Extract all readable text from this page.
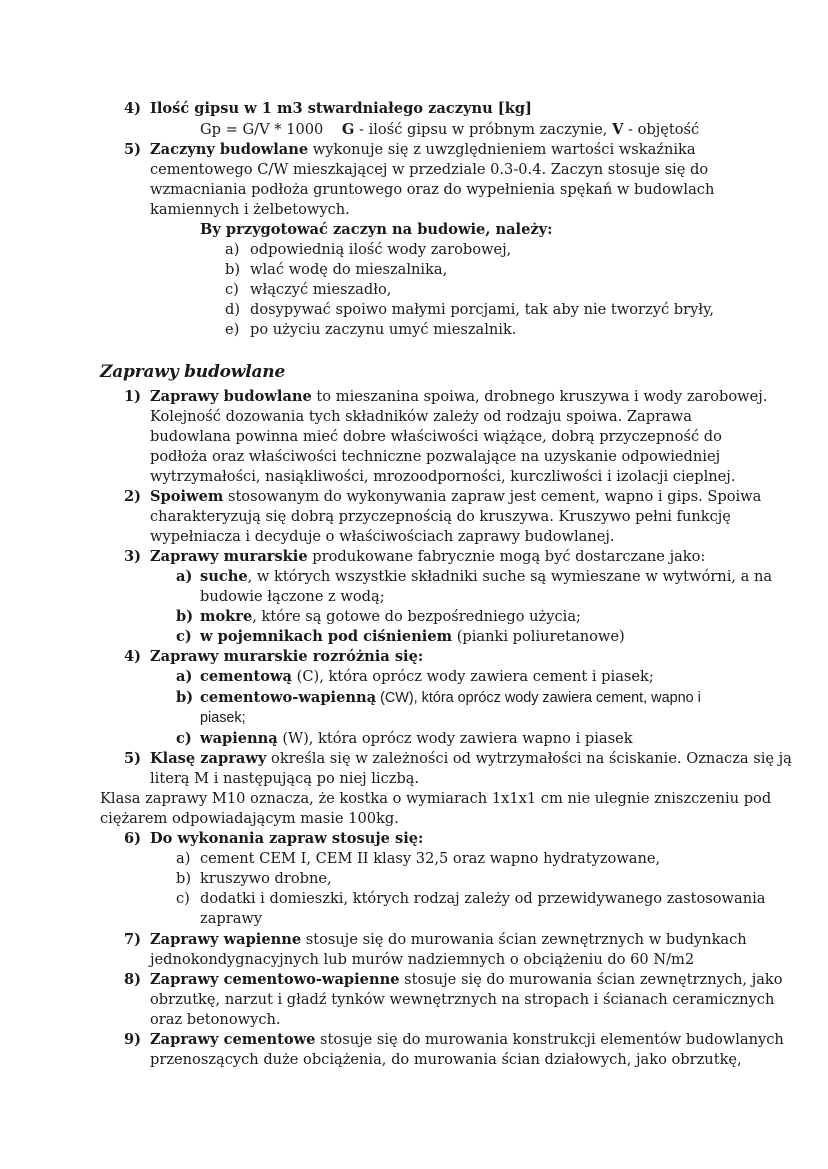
4) Ilość gipsu w 1 m3 stwardniałego zaczynu [kg]
Gp = G/V * 1000 G - ilość gipsu w próbnym zaczynie, V - objętość
5) Zaczyny budowlane wykonuje się z uwzględnieniem wartości wskaźnika
cementowego C/W mieszkającej w przedziale 0.3-0.4. Zaczyn stosuje się do
wzmacniania podłoża gruntowego oraz do wypełnienia spękań w budowlach
kamiennych i żelbetowych.
By przygotować zaczyn na budowie, należy:
a) odpowiednią ilość wody zarobowej,
b) wlać wodę do mieszalnika,
c) włączyć mieszadło,
d) dosypywać spoiwo małymi porcjami, tak aby nie tworzyć bryły,
e) po użyciu zaczynu umyć mieszalnik.
Zaprawy budowlane
1) Zaprawy budowlane to mieszanina spoiwa, drobnego kruszywa i wody zarobowej.
Kolejność dozowania tych składników zależy od rodzaju spoiwa. Zaprawa
budowlana powinna mieć dobre właściwości wiążące, dobrą przyczepność do
podłoża oraz właściwości techniczne pozwalające na uzyskanie odpowiedniej
wytrzymałości, nasiąkliwości, mrozoodporności, kurczliwości i izolacji cieplnej.
2) Spoiwem stosowanym do wykonywania zapraw jest cement, wapno i gips. Spoiwa
charakteryzują się dobrą przyczepnością do kruszywa. Kruszywo pełni funkcję
wypełniacza i decyduje o właściwościach zaprawy budowlanej.
3) Zaprawy murarskie produkowane fabrycznie mogą być dostarczane jako:
a) suche, w których wszystkie składniki suche są wymieszane w wytwórni, a na
budowie łączone z wodą;
b) mokre, które są gotowe do bezpośredniego użycia;
c) w pojemnikach pod ciśnieniem (pianki poliuretanowe)
4) Zaprawy murarskie rozróżnia się:
a) cementową (C), która oprócz wody zawiera cement i piasek;
b) cementowo-wapienną (CW), która oprócz wody zawiera cement, wapno i
piasek;
c) wapienną (W), która oprócz wody zawiera wapno i piasek
5) Klasę zaprawy określa się w zależności od wytrzymałości na ściskanie. Oznacza się ją
literą M i następującą po niej liczbą.
Klasa zaprawy M10 oznacza, że kostka o wymiarach 1x1x1 cm nie ulegnie zniszczeniu pod
ciężarem odpowiadającym masie 100kg.
6) Do wykonania zapraw stosuje się:
a) cement CEM I, CEM II klasy 32,5 oraz wapno hydratyzowane,
b) kruszywo drobne,
c) dodatki i domieszki, których rodzaj zależy od przewidywanego zastosowania
zaprawy
7) Zaprawy wapienne stosuje się do murowania ścian zewnętrznych w budynkach
jednokondygnacyjnych lub murów nadziemnych o obciążeniu do 60 N/m2
8) Zaprawy cementowo-wapienne stosuje się do murowania ścian zewnętrznych, jako
obrzutkę, narzut i gładź tynków wewnętrznych na stropach i ścianach ceramicznych
oraz betonowych.
9) Zaprawy cementowe stosuje się do murowania konstrukcji elementów budowlanych
przenoszących duże obciążenia, do murowania ścian działowych, jako obrzutkę,
